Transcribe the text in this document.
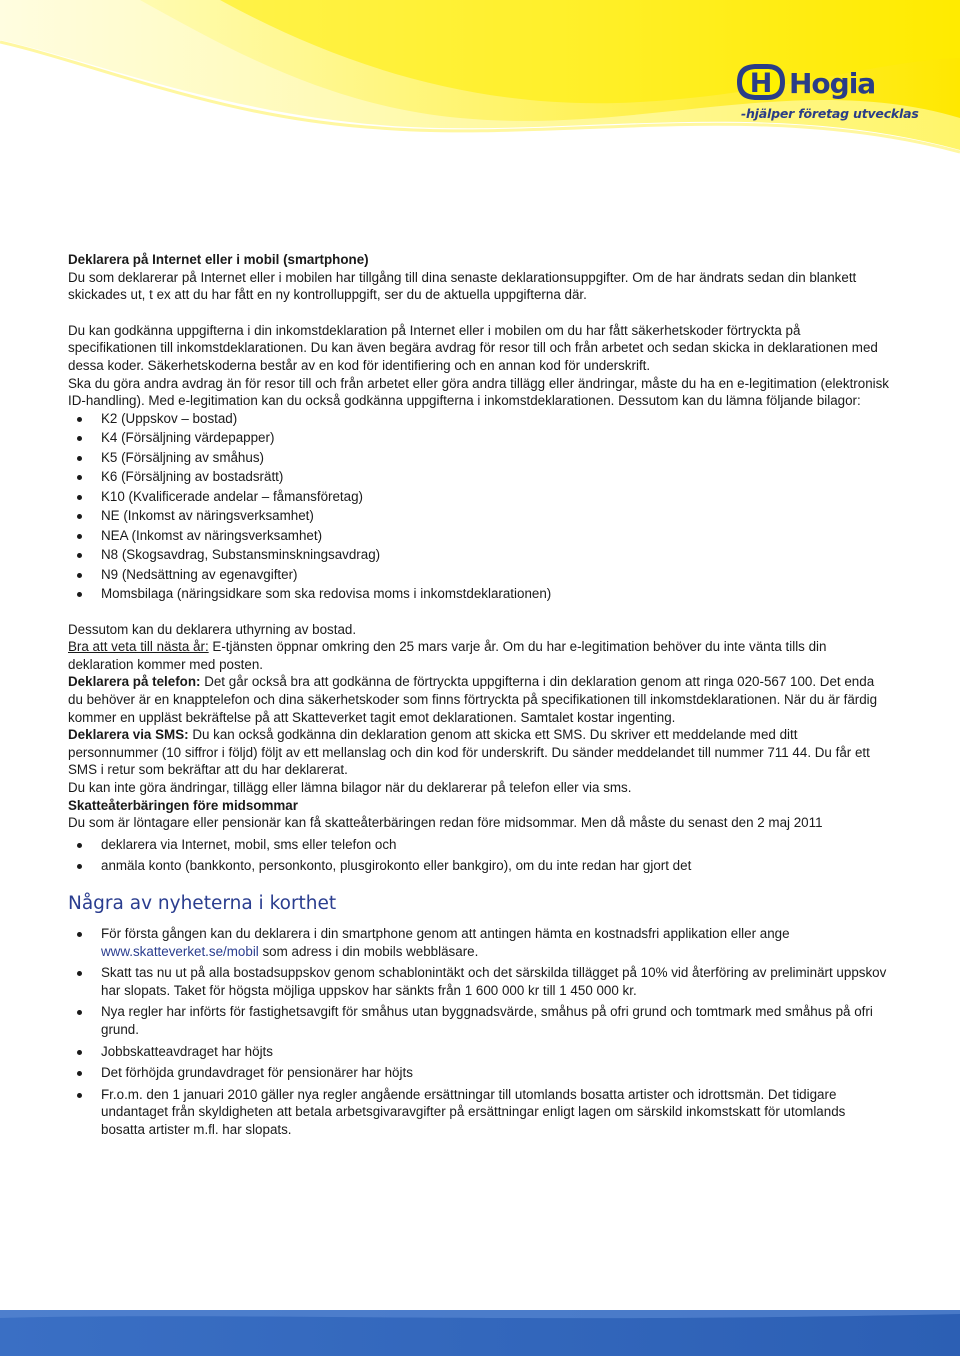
H Hogia
-hjälper företag utvecklas

Deklarera på Internet eller i mobil (smartphone)

Du som deklarerar på Internet eller i mobilen har tillgång till dina senaste deklarationsuppgifter. Om de har ändrats sedan din blankett skickades ut, t ex att du har fått en ny kontrolluppgift, ser du de aktuella uppgifterna där.

Du kan godkänna uppgifterna i din inkomstdeklaration på Internet eller i mobilen om du har fått säkerhetskoder förtryckta på specifikationen till inkomstdeklarationen. Du kan även begära avdrag för resor till och från arbetet och sedan skicka in deklarationen med dessa koder. Säkerhetskoderna består av en kod för identifiering och en annan kod för underskrift.

Ska du göra andra avdrag än för resor till och från arbetet eller göra andra tillägg eller ändringar, måste du ha en e-legitimation (elektronisk ID-handling). Med e-legitimation kan du också godkänna uppgifterna i inkomstdeklarationen. Dessutom kan du lämna följande bilagor:

K2 (Uppskov – bostad)
K4 (Försäljning värdepapper)
K5 (Försäljning av småhus)
K6 (Försäljning av bostadsrätt)
K10 (Kvalificerade andelar – fåmansföretag)
NE (Inkomst av näringsverksamhet)
NEA (Inkomst av näringsverksamhet)
N8 (Skogsavdrag, Substansminskningsavdrag)
N9 (Nedsättning av egenavgifter)
Momsbilaga (näringsidkare som ska redovisa moms i inkomstdeklarationen)

Dessutom kan du deklarera uthyrning av bostad.

Bra att veta till nästa år: E-tjänsten öppnar omkring den 25 mars varje år. Om du har e-legitimation behöver du inte vänta tills din deklaration kommer med posten.

Deklarera på telefon: Det går också bra att godkänna de förtryckta uppgifterna i din deklaration genom att ringa 020-567 100. Det enda du behöver är en knapptelefon och dina säkerhetskoder som finns förtryckta på specifikationen till inkomstdeklarationen. När du är färdig kommer en uppläst bekräftelse på att Skatteverket tagit emot deklarationen. Samtalet kostar ingenting.

Deklarera via SMS: Du kan också godkänna din deklaration genom att skicka ett SMS. Du skriver ett meddelande med ditt personnummer (10 siffror i följd) följt av ett mellanslag och din kod för underskrift. Du sänder meddelandet till nummer 711 44. Du får ett SMS i retur som bekräftar att du har deklarerat.

Du kan inte göra ändringar, tillägg eller lämna bilagor när du deklarerar på telefon eller via sms.

Skatteåterbäringen före midsommar

Du som är löntagare eller pensionär kan få skatteåterbäringen redan före midsommar. Men då måste du senast den 2 maj 2011

deklarera via Internet, mobil, sms eller telefon och
anmäla konto (bankkonto, personkonto, plusgirokonto eller bankgiro), om du inte redan har gjort det
Några av nyheterna i korthet
För första gången kan du deklarera i din smartphone genom att antingen hämta en kostnadsfri applikation eller ange www.skatteverket.se/mobil som adress i din mobils webbläsare.
Skatt tas nu ut på alla bostadsuppskov genom schablonintäkt och det särskilda tillägget på 10% vid återföring av preliminärt uppskov har slopats. Taket för högsta möjliga uppskov har sänkts från 1 600 000 kr till 1 450 000 kr.
Nya regler har införts för fastighetsavgift för småhus utan byggnadsvärde, småhus på ofri grund och tomtmark med småhus på ofri grund.
Jobbskatteavdraget har höjts
Det förhöjda grundavdraget för pensionärer har höjts
Fr.o.m. den 1 januari 2010 gäller nya regler angående ersättningar till utomlands bosatta artister och idrottsmän. Det tidigare undantaget från skyldigheten att betala arbetsgivaravgifter på ersättningar enligt lagen om särskild inkomstskatt för utomlands bosatta artister m.fl. har slopats.
